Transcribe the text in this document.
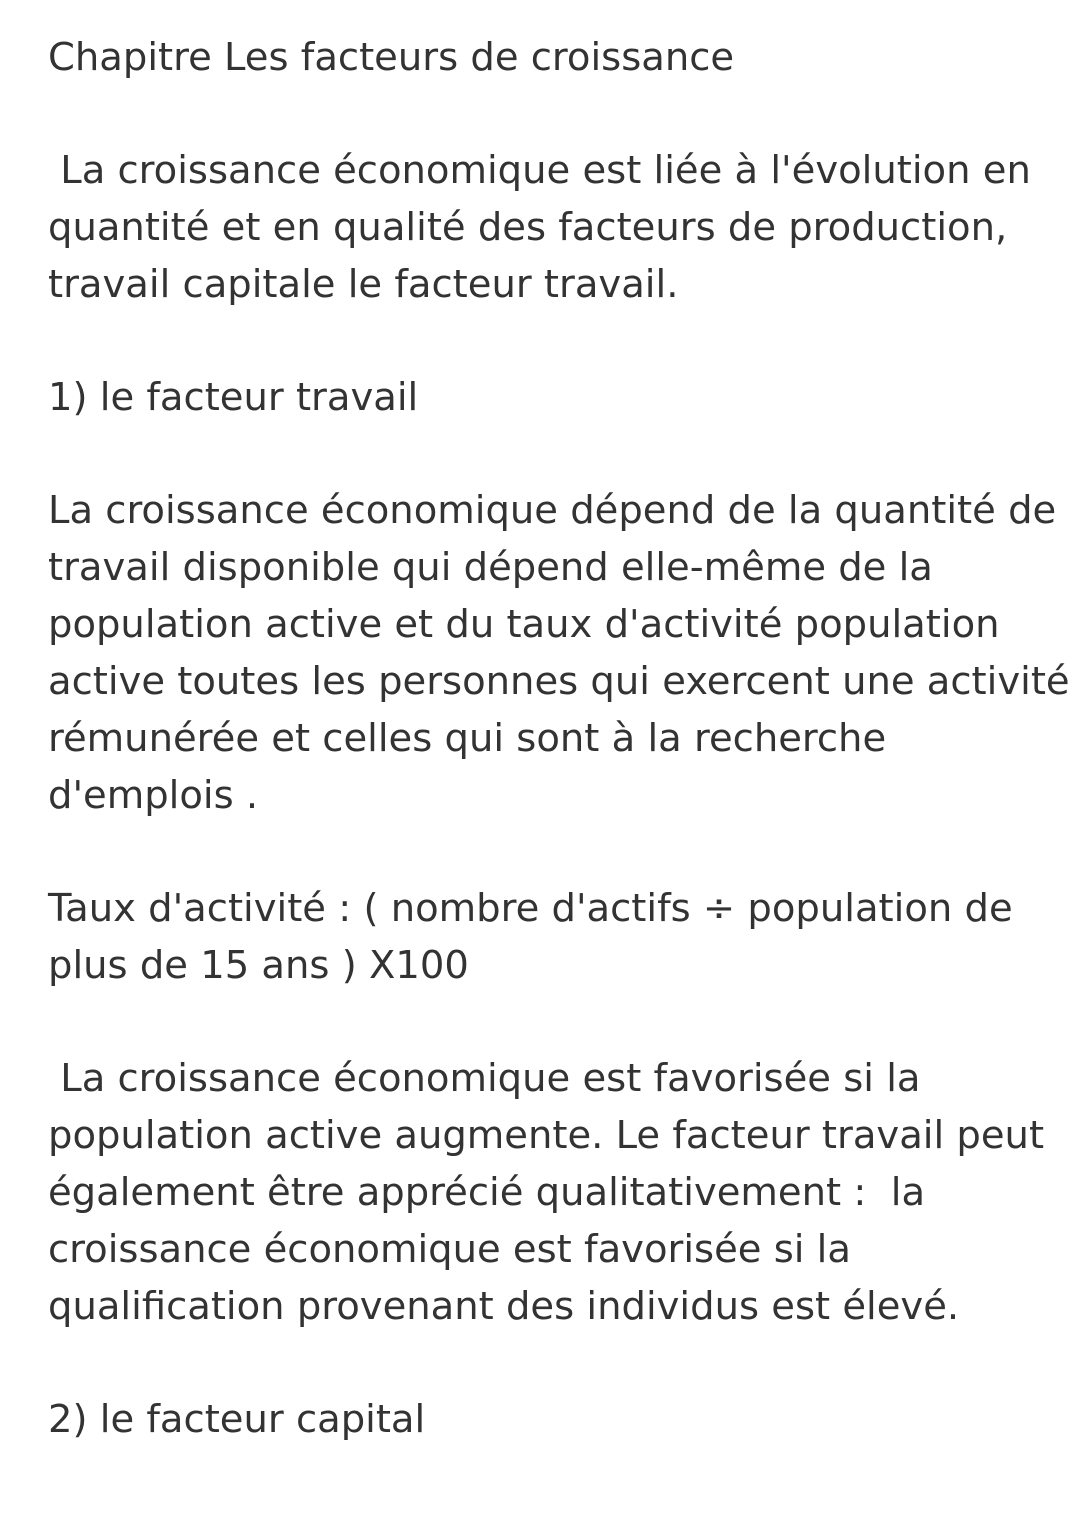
Chapitre Les facteurs de croissance

La croissance économique est liée à l'évolution en

quantité et en qualité des facteurs de production,

travail capitale le facteur travail.

1) le facteur travail

La croissance économique dépend de la quantité de

travail disponible qui dépend elle-même de la

population active et du taux d'activité population

active toutes les personnes qui exercent une activité

rémunérée et celles qui sont à la recherche

d'emplois .

Taux d'activité : ( nombre d'actifs ÷ population de

plus de 15 ans ) X100

La croissance économique est favorisée si la

population active augmente. Le facteur travail peut

également être apprécié qualitativement :  la

croissance économique est favorisée si la

qualification provenant des individus est élevé.

2) le facteur capital
